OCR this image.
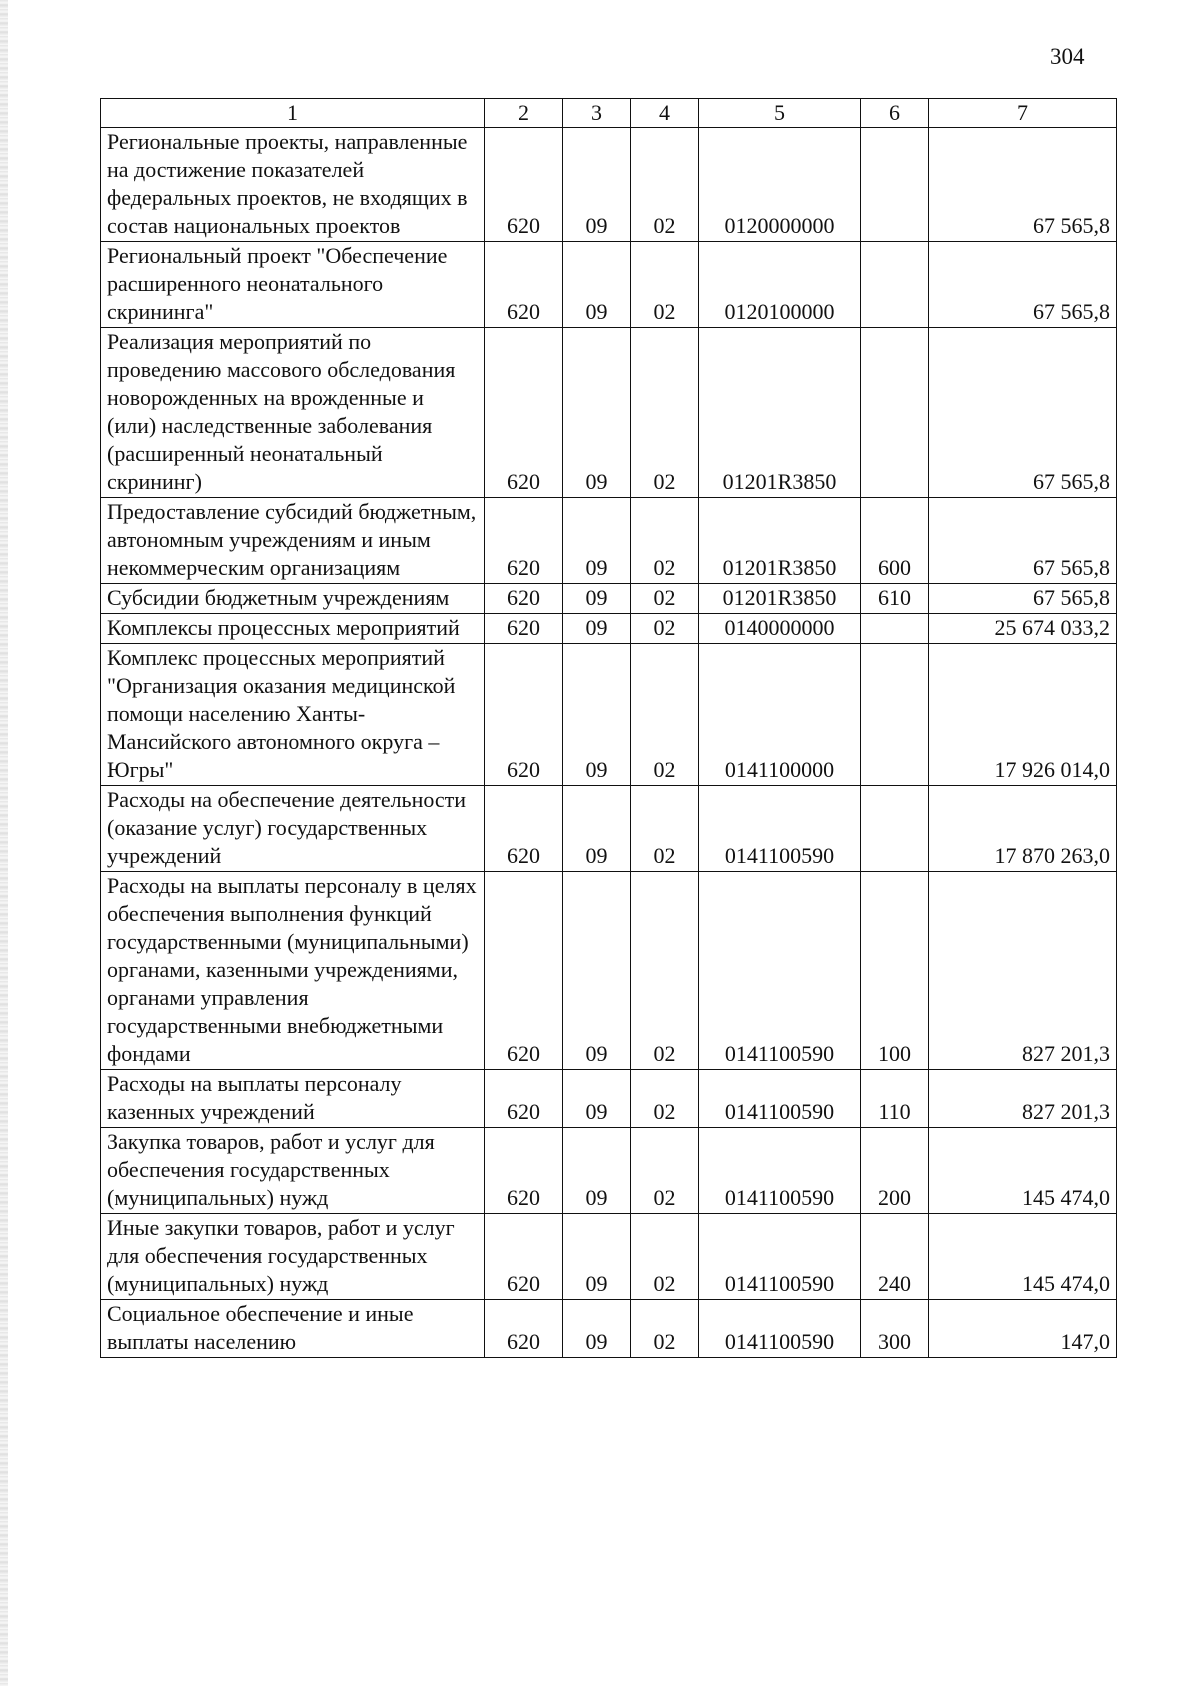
304
1	2	3	4	5	6	7
Региональные проекты, направленные на достижение показателей федеральных проектов, не входящих в состав национальных проектов	620	09	02	0120000000		67 565,8
Региональный проект "Обеспечение расширенного неонатального скрининга"	620	09	02	0120100000		67 565,8
Реализация мероприятий по проведению массового обследования новорожденных на врожденные и (или) наследственные заболевания (расширенный неонатальный скрининг)	620	09	02	01201R3850		67 565,8
Предоставление субсидий бюджетным, автономным учреждениям и иным некоммерческим организациям	620	09	02	01201R3850	600	67 565,8
Субсидии бюджетным учреждениям	620	09	02	01201R3850	610	67 565,8
Комплексы процессных мероприятий	620	09	02	0140000000		25 674 033,2
Комплекс процессных мероприятий "Организация оказания медицинской помощи населению Ханты-Мансийского автономного округа – Югры"	620	09	02	0141100000		17 926 014,0
Расходы на обеспечение деятельности (оказание услуг) государственных учреждений	620	09	02	0141100590		17 870 263,0
Расходы на выплаты персоналу в целях обеспечения выполнения функций государственными (муниципальными) органами, казенными учреждениями, органами управления государственными внебюджетными фондами	620	09	02	0141100590	100	827 201,3
Расходы на выплаты персоналу казенных учреждений	620	09	02	0141100590	110	827 201,3
Закупка товаров, работ и услуг для обеспечения государственных (муниципальных) нужд	620	09	02	0141100590	200	145 474,0
Иные закупки товаров, работ и услуг для обеспечения государственных (муниципальных) нужд	620	09	02	0141100590	240	145 474,0
Социальное обеспечение и иные выплаты населению	620	09	02	0141100590	300	147,0
